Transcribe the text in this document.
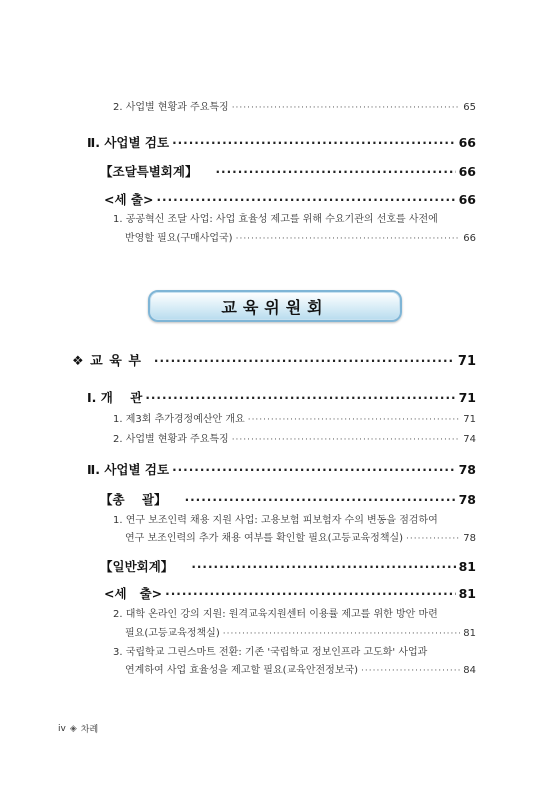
2. 사업별 현황과 주요특징 ·····	65
Ⅱ. 사업별 검토 ·····	66
【조달특별회계】 ·····	66
<세 출> ·····	66
1. 공공혁신 조달 사업: 사업 효율성 제고를 위해 수요기관의 선호를 사전에
반영할 필요(구매사업국) ·····	66
교육위원회
❖ 교 육 부 ·····	71
Ⅰ. 개    관 ·····	71
1. 제3회 추가경정예산안 개요 ·····	71
2. 사업별 현황과 주요특징 ·····	74
Ⅱ. 사업별 검토 ·····	78
【총    괄】 ·····	78
1. 연구 보조인력 채용 지원 사업: 고용보험 피보험자 수의 변동을 점검하여
연구 보조인력의 추가 채용 여부를 확인할 필요(고등교육정책실) ·····	78
【일반회계】 ·····	81
<세   출> ·····	81
2. 대학 온라인 강의 지원: 원격교육지원센터 이용률 제고를 위한 방안 마련
필요(고등교육정책실) ·····	81
3. 국립학교 그린스마트 전환: 기존 '국립학교 정보인프라 고도화' 사업과
연계하여 사업 효율성을 제고할 필요(교육안전정보국) ·····	84
iv ◈ 차례
